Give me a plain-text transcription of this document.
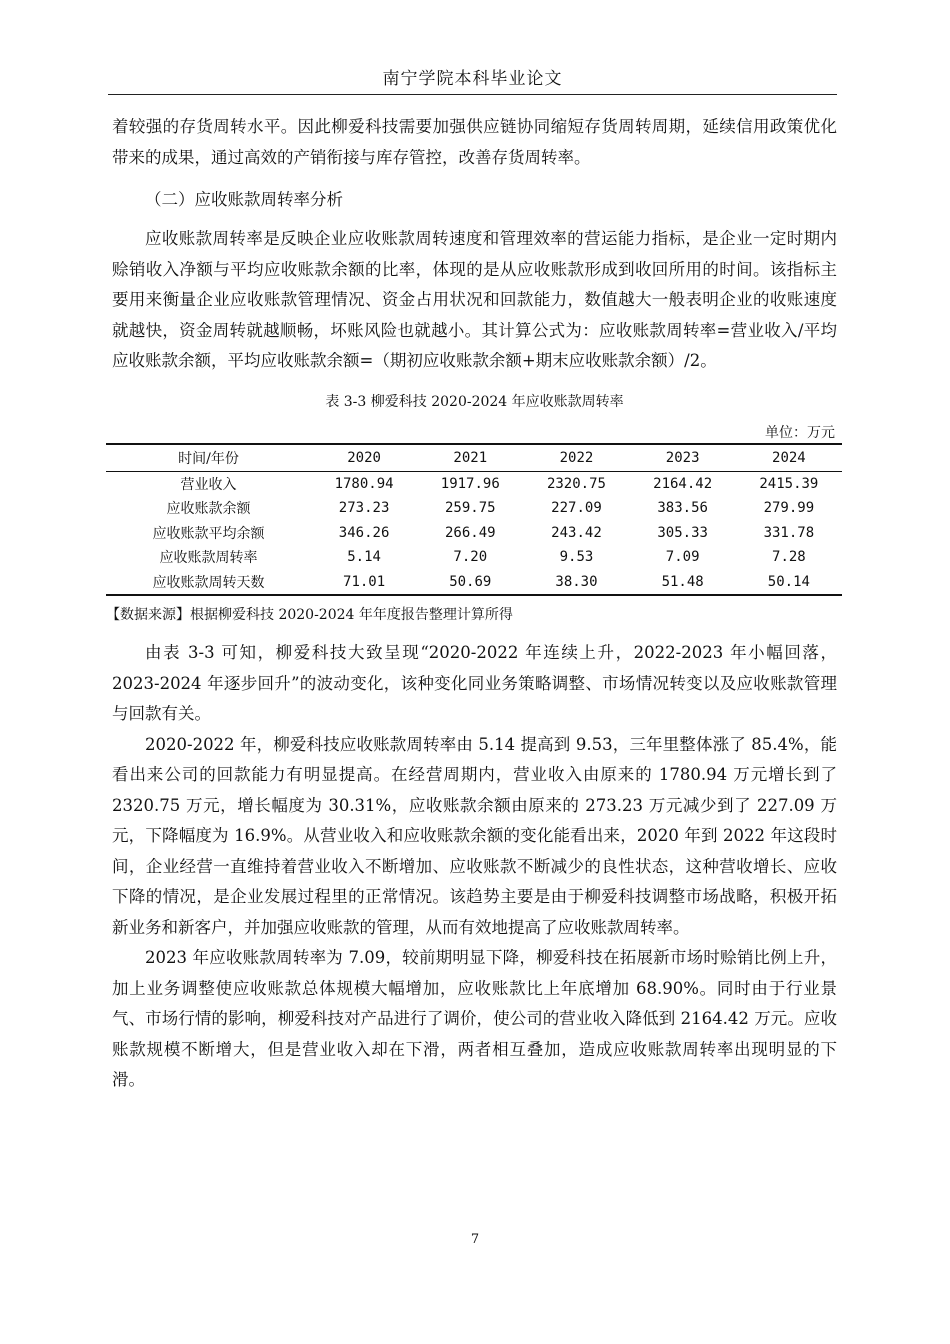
南宁学院本科毕业论文

着较强的存货周转水平。因此柳爱科技需要加强供应链协同缩短存货周转周期，延续信用政策优化带来的成果，通过高效的产销衔接与库存管控，改善存货周转率。

（二）应收账款周转率分析

应收账款周转率是反映企业应收账款周转速度和管理效率的营运能力指标，是企业一定时期内赊销收入净额与平均应收账款余额的比率，体现的是从应收账款形成到收回所用的时间。该指标主要用来衡量企业应收账款管理情况、资金占用状况和回款能力，数值越大一般表明企业的收账速度就越快，资金周转就越顺畅，坏账风险也就越小。其计算公式为：应收账款周转率=营业收入/平均应收账款余额，平均应收账款余额=（期初应收账款余额+期末应收账款余额）/2。

表 3-3 柳爱科技 2020-2024 年应收账款周转率
单位：万元
时间/年份	2020	2021	2022	2023	2024
营业收入	1780.94	1917.96	2320.75	2164.42	2415.39
应收账款余额	273.23	259.75	227.09	383.56	279.99
应收账款平均余额	346.26	266.49	243.42	305.33	331.78
应收账款周转率	5.14	7.20	9.53	7.09	7.28
应收账款周转天数	71.01	50.69	38.30	51.48	50.14
【数据来源】根据柳爱科技 2020-2024 年年度报告整理计算所得

由表 3-3 可知，柳爱科技大致呈现“2020-2022 年连续上升，2022-2023 年小幅回落，2023-2024 年逐步回升”的波动变化，该种变化同业务策略调整、市场情况转变以及应收账款管理与回款有关。

2020-2022 年，柳爱科技应收账款周转率由 5.14 提高到 9.53，三年里整体涨了 85.4%，能看出来公司的回款能力有明显提高。在经营周期内，营业收入由原来的 1780.94 万元增长到了 2320.75 万元，增长幅度为 30.31%，应收账款余额由原来的 273.23 万元减少到了 227.09 万元，下降幅度为 16.9%。从营业收入和应收账款余额的变化能看出来，2020 年到 2022 年这段时间，企业经营一直维持着营业收入不断增加、应收账款不断减少的良性状态，这种营收增长、应收下降的情况，是企业发展过程里的正常情况。该趋势主要是由于柳爱科技调整市场战略，积极开拓新业务和新客户，并加强应收账款的管理，从而有效地提高了应收账款周转率。

2023 年应收账款周转率为 7.09，较前期明显下降，柳爱科技在拓展新市场时赊销比例上升，加上业务调整使应收账款总体规模大幅增加，应收账款比上年底增加 68.90%。同时由于行业景气、市场行情的影响，柳爱科技对产品进行了调价，使公司的营业收入降低到 2164.42 万元。应收账款规模不断增大，但是营业收入却在下滑，两者相互叠加，造成应收账款周转率出现明显的下滑。

7
